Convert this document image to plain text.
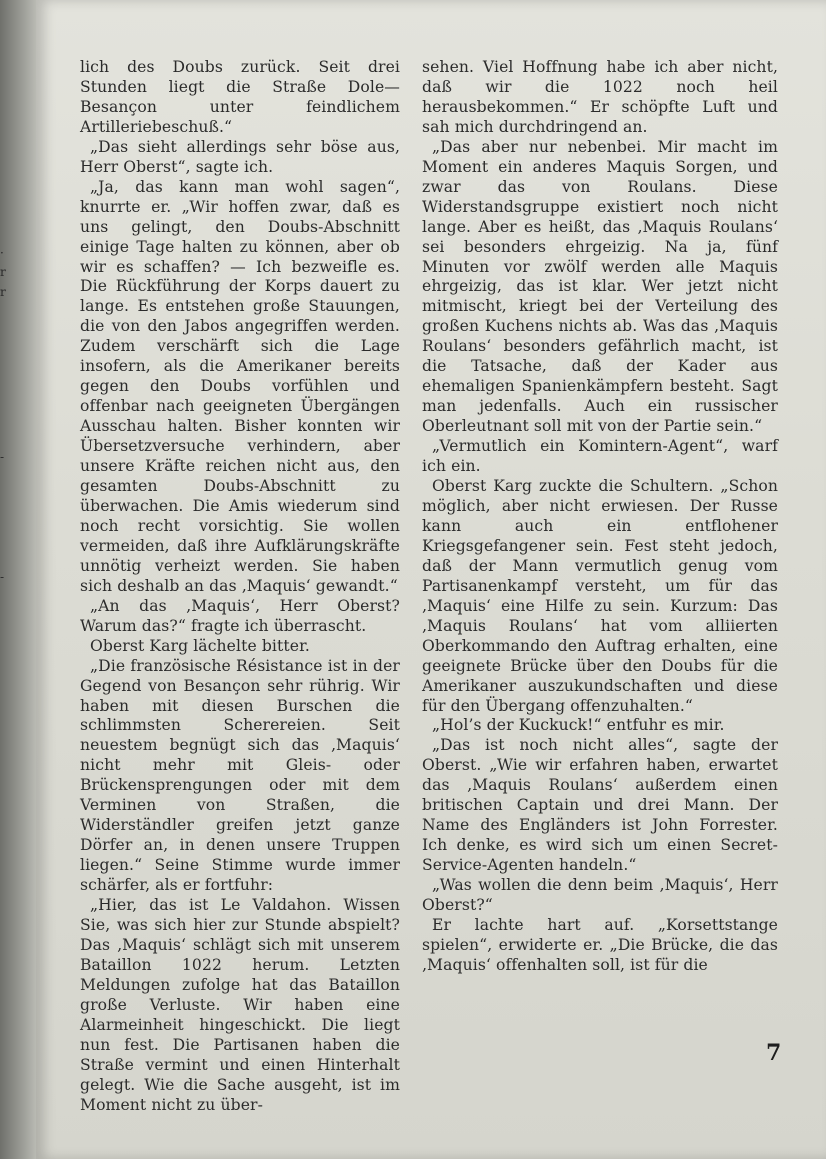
·
r
r
-
-

lich des Doubs zurück. Seit drei Stunden liegt die Straße Dole—Besançon unter feindlichem Artilleriebeschuß.“

„Das sieht allerdings sehr böse aus, Herr Oberst“, sagte ich.

„Ja, das kann man wohl sagen“, knurrte er. „Wir hoffen zwar, daß es uns gelingt, den Doubs-Abschnitt einige Tage halten zu können, aber ob wir es schaffen? — Ich bezweifle es. Die Rückführung der Korps dauert zu lange. Es entstehen große Stauungen, die von den Jabos angegriffen werden. Zudem verschärft sich die Lage insofern, als die Amerikaner bereits gegen den Doubs vorfühlen und offenbar nach geeigneten Übergängen Ausschau halten. Bisher konnten wir Übersetzversuche verhindern, aber unsere Kräfte reichen nicht aus, den gesamten Doubs-Abschnitt zu überwachen. Die Amis wiederum sind noch recht vorsichtig. Sie wollen vermeiden, daß ihre Aufklärungskräfte unnötig verheizt werden. Sie haben sich deshalb an das ‚Maquis‘ gewandt.“

„An das ‚Maquis‘, Herr Oberst? Warum das?“ fragte ich überrascht.

Oberst Karg lächelte bitter.

„Die französische Résistance ist in der Gegend von Besançon sehr rührig. Wir haben mit diesen Burschen die schlimmsten Scherereien. Seit neuestem begnügt sich das ‚Maquis‘ nicht mehr mit Gleis- oder Brückensprengungen oder mit dem Verminen von Straßen, die Widerständler greifen jetzt ganze Dörfer an, in denen unsere Truppen liegen.“ Seine Stimme wurde immer schärfer, als er fortfuhr:

„Hier, das ist Le Valdahon. Wissen Sie, was sich hier zur Stunde abspielt? Das ‚Maquis‘ schlägt sich mit unserem Bataillon 1022 herum. Letzten Meldungen zufolge hat das Bataillon große Verluste. Wir haben eine Alarmeinheit hingeschickt. Die liegt nun fest. Die Partisanen haben die Straße vermint und einen Hinterhalt gelegt. Wie die Sache ausgeht, ist im Moment nicht zu über-

sehen. Viel Hoffnung habe ich aber nicht, daß wir die 1022 noch heil herausbekommen.“ Er schöpfte Luft und sah mich durchdringend an.

„Das aber nur nebenbei. Mir macht im Moment ein anderes Maquis Sorgen, und zwar das von Roulans. Diese Widerstandsgruppe existiert noch nicht lange. Aber es heißt, das ‚Maquis Roulans‘ sei besonders ehrgeizig. Na ja, fünf Minuten vor zwölf werden alle Maquis ehrgeizig, das ist klar. Wer jetzt nicht mitmischt, kriegt bei der Verteilung des großen Kuchens nichts ab. Was das ‚Maquis Roulans‘ besonders gefährlich macht, ist die Tatsache, daß der Kader aus ehemaligen Spanienkämpfern besteht. Sagt man jedenfalls. Auch ein russischer Oberleutnant soll mit von der Partie sein.“

„Vermutlich ein Komintern-Agent“, warf ich ein.

Oberst Karg zuckte die Schultern. „Schon möglich, aber nicht erwiesen. Der Russe kann auch ein entflohener Kriegsgefangener sein. Fest steht jedoch, daß der Mann vermutlich genug vom Partisanenkampf versteht, um für das ‚Maquis‘ eine Hilfe zu sein. Kurzum: Das ‚Maquis Roulans‘ hat vom alliierten Oberkommando den Auftrag erhalten, eine geeignete Brücke über den Doubs für die Amerikaner auszukundschaften und diese für den Übergang offenzuhalten.“

„Hol’s der Kuckuck!“ entfuhr es mir.

„Das ist noch nicht alles“, sagte der Oberst. „Wie wir erfahren haben, erwartet das ‚Maquis Roulans‘ außerdem einen britischen Captain und drei Mann. Der Name des Engländers ist John Forrester. Ich denke, es wird sich um einen Secret-Service-Agenten handeln.“

„Was wollen die denn beim ‚Maquis‘, Herr Oberst?“

Er lachte hart auf. „Korsettstange spielen“, erwiderte er. „Die Brücke, die das ‚Maquis‘ offenhalten soll, ist für die

7
